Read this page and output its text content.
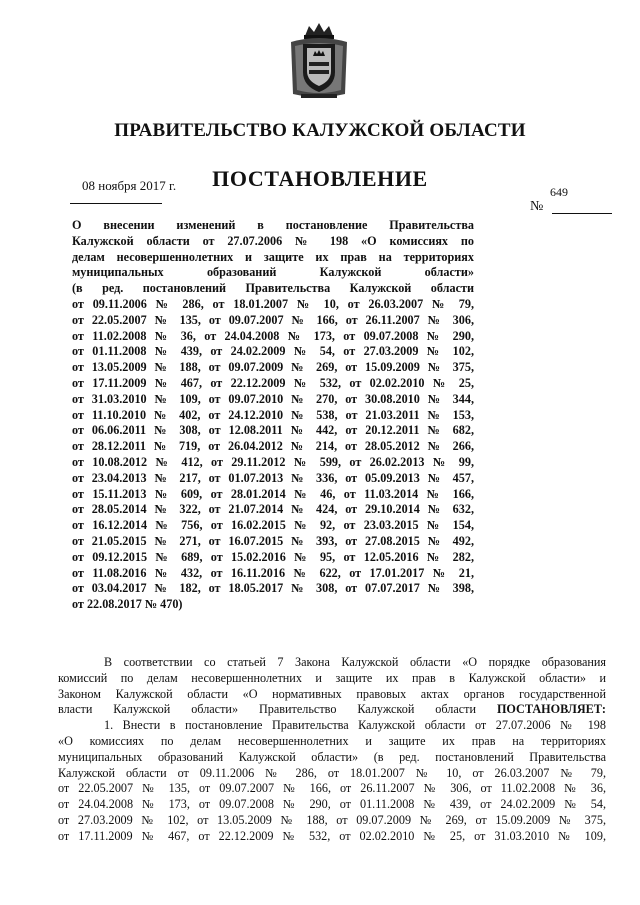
ПРАВИТЕЛЬСТВО КАЛУЖСКОЙ ОБЛАСТИ
08 ноября 2017 г.	ПОСТАНОВЛЕНИЕ
649
№

О внесении изменений в постановление Правительства

Калужской области от 27.07.2006 № 198 «О комиссиях по

делам несовершеннолетних и защите их прав на территориях

муниципальных образований Калужской области»

(в ред. постановлений Правительства Калужской области

от 09.11.2006 № 286, от 18.01.2007 № 10, от 26.03.2007 № 79,

от 22.05.2007 № 135, от 09.07.2007 № 166, от 26.11.2007 № 306,

от 11.02.2008 № 36, от 24.04.2008 № 173, от 09.07.2008 № 290,

от 01.11.2008 № 439, от 24.02.2009 № 54, от 27.03.2009 № 102,

от 13.05.2009 № 188, от 09.07.2009 № 269, от 15.09.2009 № 375,

от 17.11.2009 № 467, от 22.12.2009 № 532, от 02.02.2010 № 25,

от 31.03.2010 № 109, от 09.07.2010 № 270, от 30.08.2010 № 344,

от 11.10.2010 № 402, от 24.12.2010 № 538, от 21.03.2011 № 153,

от 06.06.2011 № 308, от 12.08.2011 № 442, от 20.12.2011 № 682,

от 28.12.2011 № 719, от 26.04.2012 № 214, от 28.05.2012 № 266,

от 10.08.2012 № 412, от 29.11.2012 № 599, от 26.02.2013 № 99,

от 23.04.2013 № 217, от 01.07.2013 № 336, от 05.09.2013 № 457,

от 15.11.2013 № 609, от 28.01.2014 № 46, от 11.03.2014 № 166,

от 28.05.2014 № 322, от 21.07.2014 № 424, от 29.10.2014 № 632,

от 16.12.2014 № 756, от 16.02.2015 № 92, от 23.03.2015 № 154,

от 21.05.2015 № 271, от 16.07.2015 № 393, от 27.08.2015 № 492,

от 09.12.2015 № 689, от 15.02.2016 № 95, от 12.05.2016 № 282,

от 11.08.2016 № 432, от 16.11.2016 № 622, от 17.01.2017 № 21,

от 03.04.2017 № 182, от 18.05.2017 № 308, от 07.07.2017 № 398,

от 22.08.2017 № 470)

В соответствии со статьей 7 Закона Калужской области «О порядке образования

комиссий по делам несовершеннолетних и защите их прав в Калужской области» и

Законом Калужской области «О нормативных правовых актах органов государственной

власти Калужской области» Правительство Калужской области ПОСТАНОВЛЯЕТ:

1. Внести в постановление Правительства Калужской области от 27.07.2006 № 198

«О комиссиях по делам несовершеннолетних и защите их прав на территориях

муниципальных образований Калужской области» (в ред. постановлений Правительства

Калужской области от 09.11.2006 № 286, от 18.01.2007 № 10, от 26.03.2007 № 79,

от 22.05.2007 № 135, от 09.07.2007 № 166, от 26.11.2007 № 306, от 11.02.2008 № 36,

от 24.04.2008 № 173, от 09.07.2008 № 290, от 01.11.2008 № 439, от 24.02.2009 № 54,

от 27.03.2009 № 102, от 13.05.2009 № 188, от 09.07.2009 № 269, от 15.09.2009 № 375,

от 17.11.2009 № 467, от 22.12.2009 № 532, от 02.02.2010 № 25, от 31.03.2010 № 109,
